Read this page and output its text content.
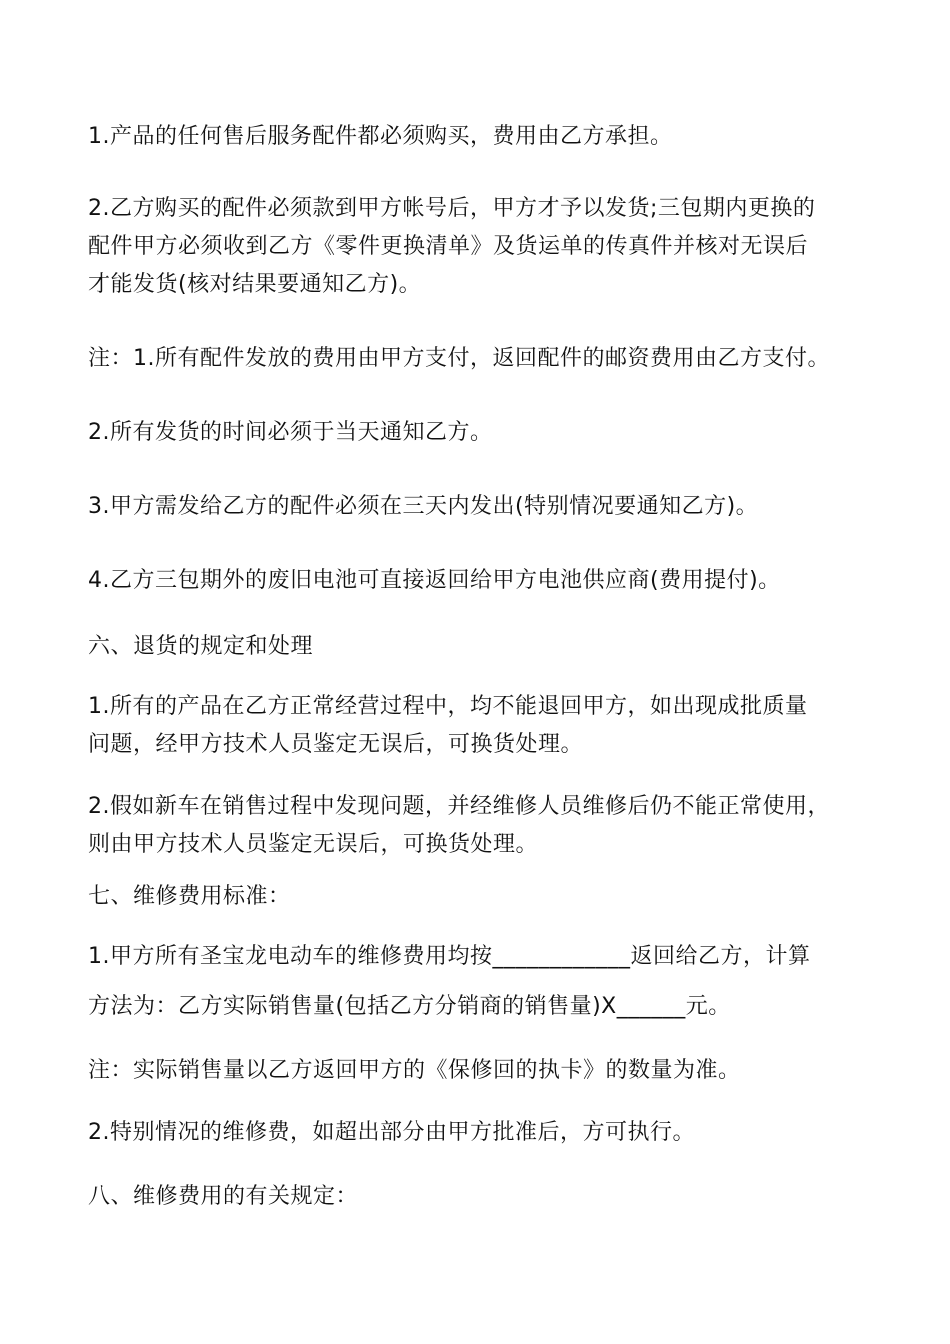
1.产品的任何售后服务配件都必须购买，费用由乙方承担。

2.乙方购买的配件必须款到甲方帐号后，甲方才予以发货;三包期内更换的
配件甲方必须收到乙方《零件更换清单》及货运单的传真件并核对无误后
才能发货(核对结果要通知乙方)。

注：1.所有配件发放的费用由甲方支付，返回配件的邮资费用由乙方支付。

2.所有发货的时间必须于当天通知乙方。

3.甲方需发给乙方的配件必须在三天内发出(特别情况要通知乙方)。

4.乙方三包期外的废旧电池可直接返回给甲方电池供应商(费用提付)。

六、退货的规定和处理

1.所有的产品在乙方正常经营过程中，均不能退回甲方，如出现成批质量
问题，经甲方技术人员鉴定无误后，可换货处理。

2.假如新车在销售过程中发现问题，并经维修人员维修后仍不能正常使用，
则由甲方技术人员鉴定无误后，可换货处理。

七、维修费用标准：

1.甲方所有圣宝龙电动车的维修费用均按____________返回给乙方，计算

方法为：乙方实际销售量(包括乙方分销商的销售量)X______元。

注：实际销售量以乙方返回甲方的《保修回的执卡》的数量为准。

2.特别情况的维修费，如超出部分由甲方批准后，方可执行。

八、维修费用的有关规定：
